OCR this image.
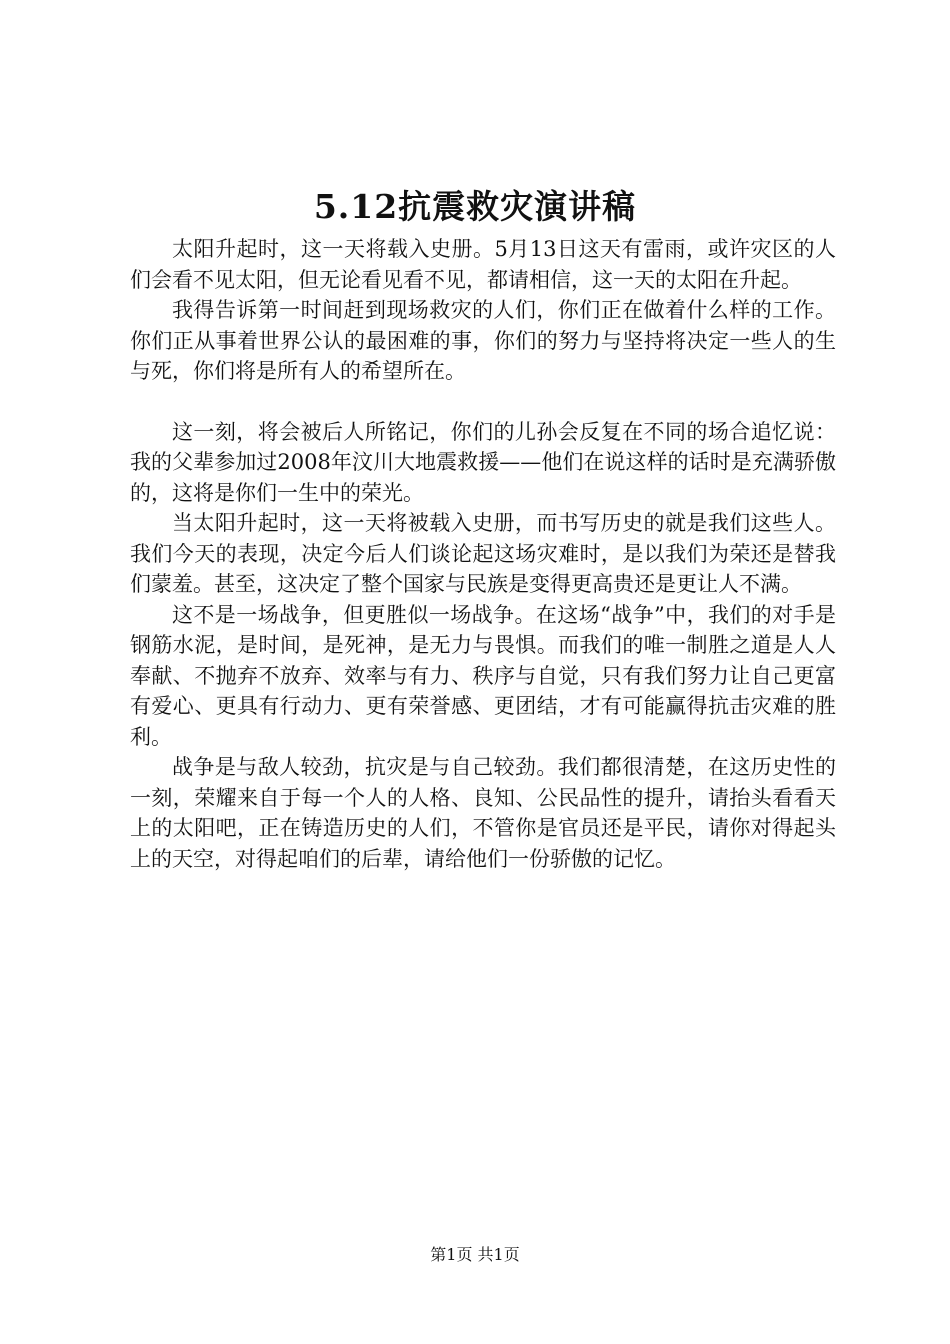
5.12抗震救灾演讲稿

太阳升起时，这一天将载入史册。5月13日这天有雷雨，或许灾区的人们会看不见太阳，但无论看见看不见，都请相信，这一天的太阳在升起。

我得告诉第一时间赶到现场救灾的人们，你们正在做着什么样的工作。你们正从事着世界公认的最困难的事，你们的努力与坚持将决定一些人的生与死，你们将是所有人的希望所在。

这一刻，将会被后人所铭记，你们的儿孙会反复在不同的场合追忆说：我的父辈参加过2008年汶川大地震救援——他们在说这样的话时是充满骄傲的，这将是你们一生中的荣光。

当太阳升起时，这一天将被载入史册，而书写历史的就是我们这些人。我们今天的表现，决定今后人们谈论起这场灾难时，是以我们为荣还是替我们蒙羞。甚至，这决定了整个国家与民族是变得更高贵还是更让人不满。

这不是一场战争，但更胜似一场战争。在这场“战争”中，我们的对手是钢筋水泥，是时间，是死神，是无力与畏惧。而我们的唯一制胜之道是人人奉献、不抛弃不放弃、效率与有力、秩序与自觉，只有我们努力让自己更富有爱心、更具有行动力、更有荣誉感、更团结，才有可能赢得抗击灾难的胜利。

战争是与敌人较劲，抗灾是与自己较劲。我们都很清楚，在这历史性的一刻，荣耀来自于每一个人的人格、良知、公民品性的提升，请抬头看看天上的太阳吧，正在铸造历史的人们，不管你是官员还是平民，请你对得起头上的天空，对得起咱们的后辈，请给他们一份骄傲的记忆。

第1页 共1页
